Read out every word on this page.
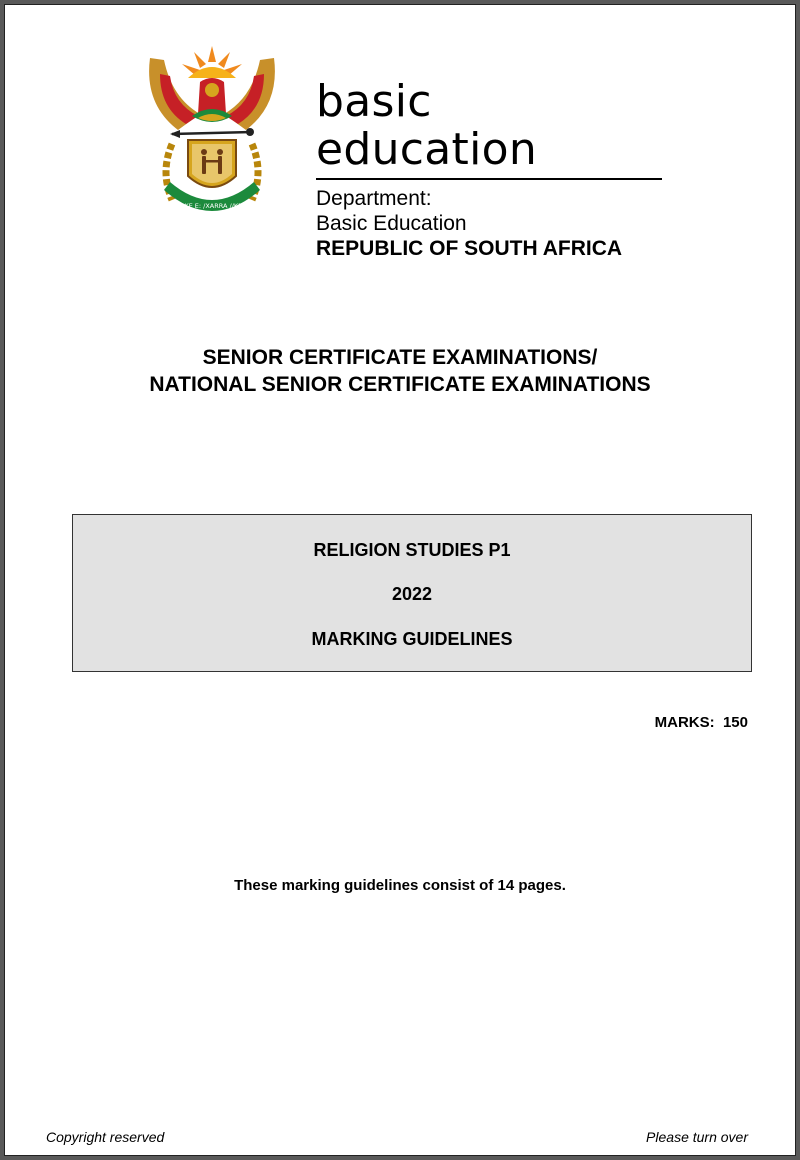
!KE E: /XARRA //KE
basic education
Department:
Basic Education
REPUBLIC OF SOUTH AFRICA
SENIOR CERTIFICATE EXAMINATIONS/
NATIONAL SENIOR CERTIFICATE EXAMINATIONS
RELIGION STUDIES P1
2022
MARKING GUIDELINES
MARKS:  150
These marking guidelines consist of 14 pages.
Copyright reserved	Please turn over
